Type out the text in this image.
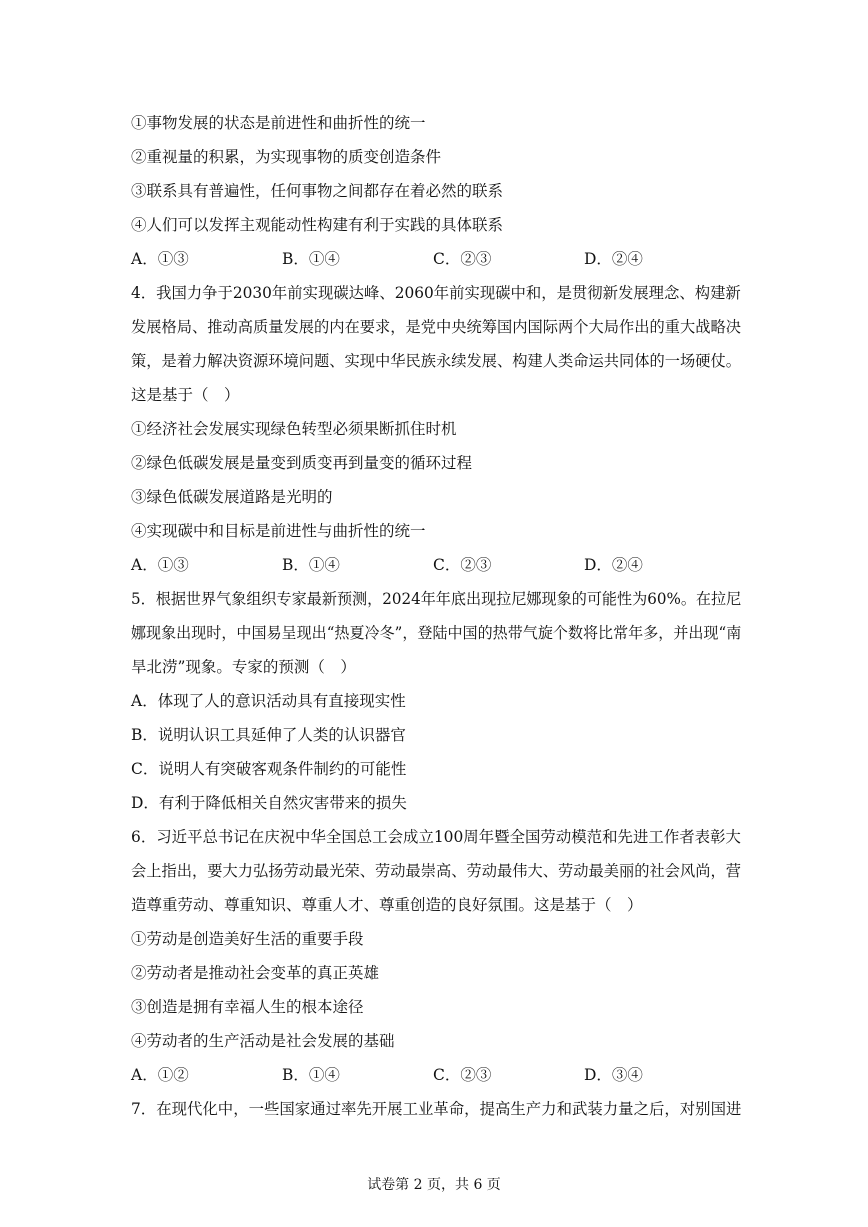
①事物发展的状态是前进性和曲折性的统一
②重视量的积累，为实现事物的质变创造条件
③联系具有普遍性，任何事物之间都存在着必然的联系
④人们可以发挥主观能动性构建有利于实践的具体联系
A．①③	B．①④	C．②③	D．②④
4．我国力争于2030年前实现碳达峰、2060年前实现碳中和，是贯彻新发展理念、构建新
发展格局、推动高质量发展的内在要求，是党中央统筹国内国际两个大局作出的重大战略决
策，是着力解决资源环境问题、实现中华民族永续发展、构建人类命运共同体的一场硬仗。
这是基于（　）
①经济社会发展实现绿色转型必须果断抓住时机
②绿色低碳发展是量变到质变再到量变的循环过程
③绿色低碳发展道路是光明的
④实现碳中和目标是前进性与曲折性的统一
A．①③	B．①④	C．②③	D．②④
5．根据世界气象组织专家最新预测，2024年年底出现拉尼娜现象的可能性为60%。在拉尼
娜现象出现时，中国易呈现出“热夏冷冬”，登陆中国的热带气旋个数将比常年多，并出现“南
旱北涝”现象。专家的预测（　）
A．体现了人的意识活动具有直接现实性
B．说明认识工具延伸了人类的认识器官
C．说明人有突破客观条件制约的可能性
D．有利于降低相关自然灾害带来的损失
6．习近平总书记在庆祝中华全国总工会成立100周年暨全国劳动模范和先进工作者表彰大
会上指出，要大力弘扬劳动最光荣、劳动最崇高、劳动最伟大、劳动最美丽的社会风尚，营
造尊重劳动、尊重知识、尊重人才、尊重创造的良好氛围。这是基于（　）
①劳动是创造美好生活的重要手段
②劳动者是推动社会变革的真正英雄
③创造是拥有幸福人生的根本途径
④劳动者的生产活动是社会发展的基础
A．①②	B．①④	C．②③	D．③④
7．在现代化中，一些国家通过率先开展工业革命，提高生产力和武装力量之后，对别国进
试卷第 2 页，共 6 页
